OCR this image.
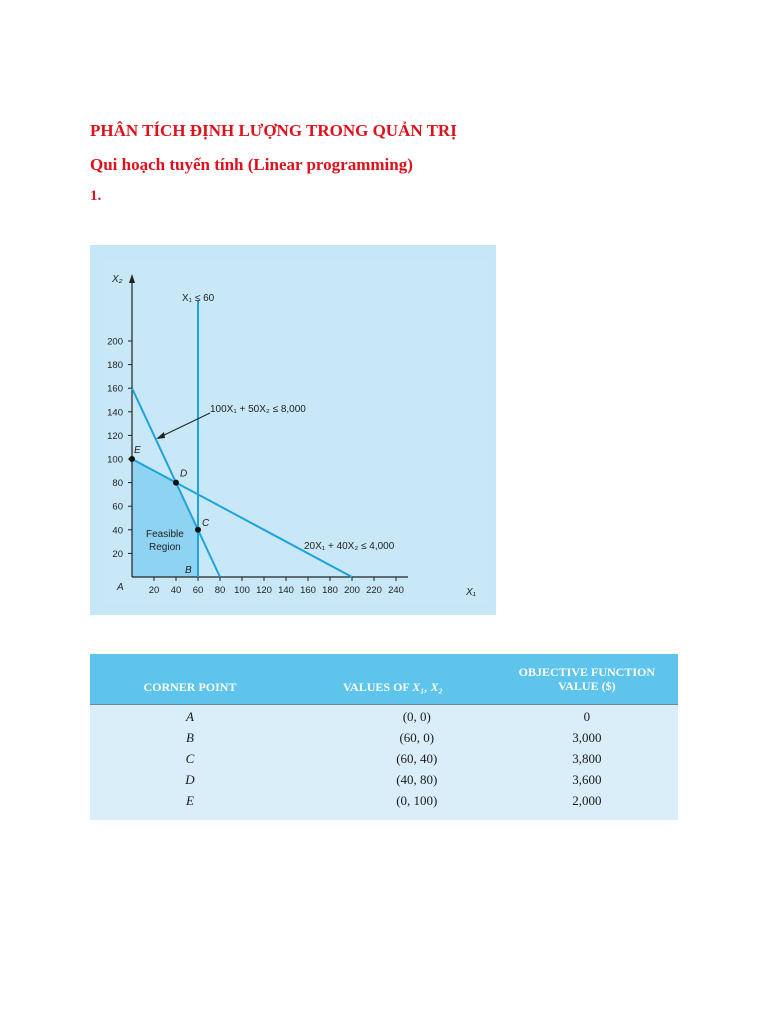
PHÂN TÍCH ĐỊNH LƯỢNG TRONG QUẢN TRỊ
Qui hoạch tuyến tính (Linear programming)
1.
20 40 60 80 100 120 140 160 180 200 220 240
20
40
60
80
100
120
140
160
180
200
B
C
D
E
X₂
X₁
A
X₁ ≤ 60
100X₁ + 50X₂ ≤ 8,000
20X₁ + 40X₂ ≤ 4,000
Feasible Region
CORNER POINT	VALUES OF X₁, X₂	OBJECTIVE FUNCTION VALUE ($)
A	(0, 0)	0
B	(60, 0)	3,000
C	(60, 40)	3,800
D	(40, 80)	3,600
E	(0, 100)	2,000
